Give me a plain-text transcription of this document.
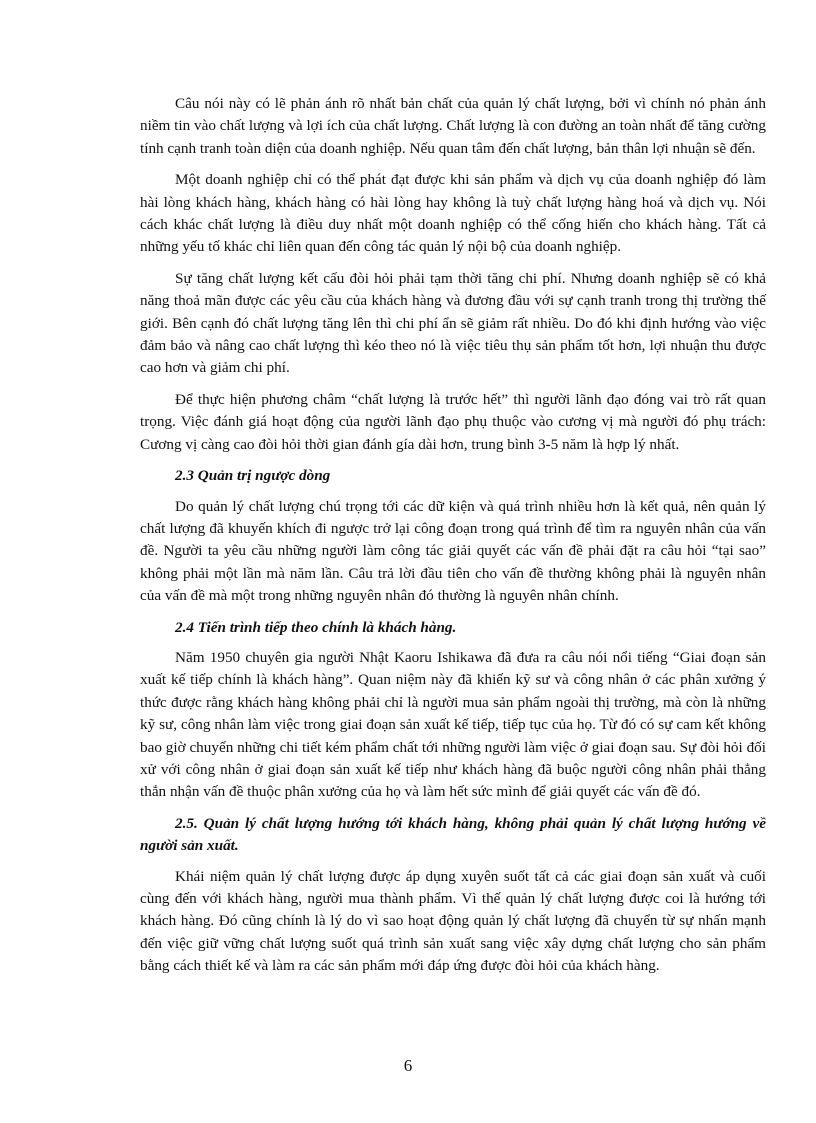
Câu nói này có lẽ phản ánh rõ nhất bản chất của quản lý chất lượng, bởi vì chính nó phản ánh niềm tin vào chất lượng và lợi ích của chất lượng. Chất lượng là con đường an toàn nhất để tăng cường tính cạnh tranh toàn diện của doanh nghiệp. Nếu quan tâm đến chất lượng, bản thân lợi nhuận sẽ đến.

Một doanh nghiệp chỉ có thể phát đạt được khi sản phẩm và dịch vụ của doanh nghiệp đó làm hài lòng khách hàng, khách hàng có hài lòng hay không là tuỳ chất lượng hàng hoá và dịch vụ. Nói cách khác chất lượng là điều duy nhất một doanh nghiệp có thể cống hiến cho khách hàng. Tất cả những yếu tố khác chỉ liên quan đến công tác quản lý nội bộ của doanh nghiệp.

Sự tăng chất lượng kết cấu đòi hỏi phải tạm thời tăng chi phí. Nhưng doanh nghiệp sẽ có khả năng thoả mãn được các yêu cầu của khách hàng và đương đầu với sự cạnh tranh trong thị trường thế giới. Bên cạnh đó chất lượng tăng lên thì chi phí ẩn sẽ giảm rất nhiều. Do đó khi định hướng vào việc đảm bảo và nâng cao chất lượng thì kéo theo nó là việc tiêu thụ sản phẩm tốt hơn, lợi nhuận thu được cao hơn và giảm chi phí.

Để thực hiện phương châm “chất lượng là trước hết” thì người lãnh đạo đóng vai trò rất quan trọng. Việc đánh giá hoạt động của người lãnh đạo phụ thuộc vào cương vị mà người đó phụ trách: Cương vị càng cao đòi hỏi thời gian đánh gía dài hơn, trung bình 3-5 năm là hợp lý nhất.

2.3 Quản trị ngược dòng

Do quản lý chất lượng chú trọng tới các dữ kiện và quá trình nhiều hơn là kết quả, nên quản lý chất lượng đã khuyến khích đi ngược trở lại công đoạn trong quá trình để tìm ra nguyên nhân của vấn đề. Người ta yêu cầu những người làm công tác giải quyết các vấn đề phải đặt ra câu hỏi “tại sao” không phải một lần mà năm lần. Câu trả lời đầu tiên cho vấn đề thường không phải là nguyên nhân của vấn đề mà một trong những nguyên nhân đó thường là nguyên nhân chính.

2.4 Tiến trình tiếp theo chính là khách hàng.

Năm 1950 chuyên gia người Nhật Kaoru Ishikawa đã đưa ra câu nói nổi tiếng “Giai đoạn sản xuất kế tiếp chính là khách hàng”. Quan niệm này đã khiến kỹ sư và công nhân ở các phân xưởng ý thức được rằng khách hàng không phải chỉ là người mua sản phẩm ngoài thị trường, mà còn là những kỹ sư, công nhân làm việc trong giai đoạn sản xuất kế tiếp, tiếp tục của họ. Từ đó có sự cam kết không bao giờ chuyển những chi tiết kém phẩm chất tới những người làm việc ở giai đoạn sau. Sự đòi hỏi đối xử với công nhân ở giai đoạn sản xuất kế tiếp như khách hàng đã buộc người công nhân phải thẳng thắn nhận vấn đề thuộc phân xưởng của họ và làm hết sức mình để giải quyết các vấn đề đó.

2.5. Quản lý chất lượng hướng tới khách hàng, không phải quản lý chất lượng hướng về người sản xuất.

Khái niệm quản lý chất lượng được áp dụng xuyên suốt tất cả các giai đoạn sản xuất và cuối cùng đến với khách hàng, người mua thành phẩm. Vì thế quản lý chất lượng được coi là hướng tới khách hàng. Đó cũng chính là lý do vì sao hoạt động quản lý chất lượng đã chuyển từ sự nhấn mạnh đến việc giữ vững chất lượng suốt quá trình sản xuất sang việc xây dựng chất lượng cho sản phẩm bằng cách thiết kế và làm ra các sản phẩm mới đáp ứng được đòi hỏi của khách hàng.

6
